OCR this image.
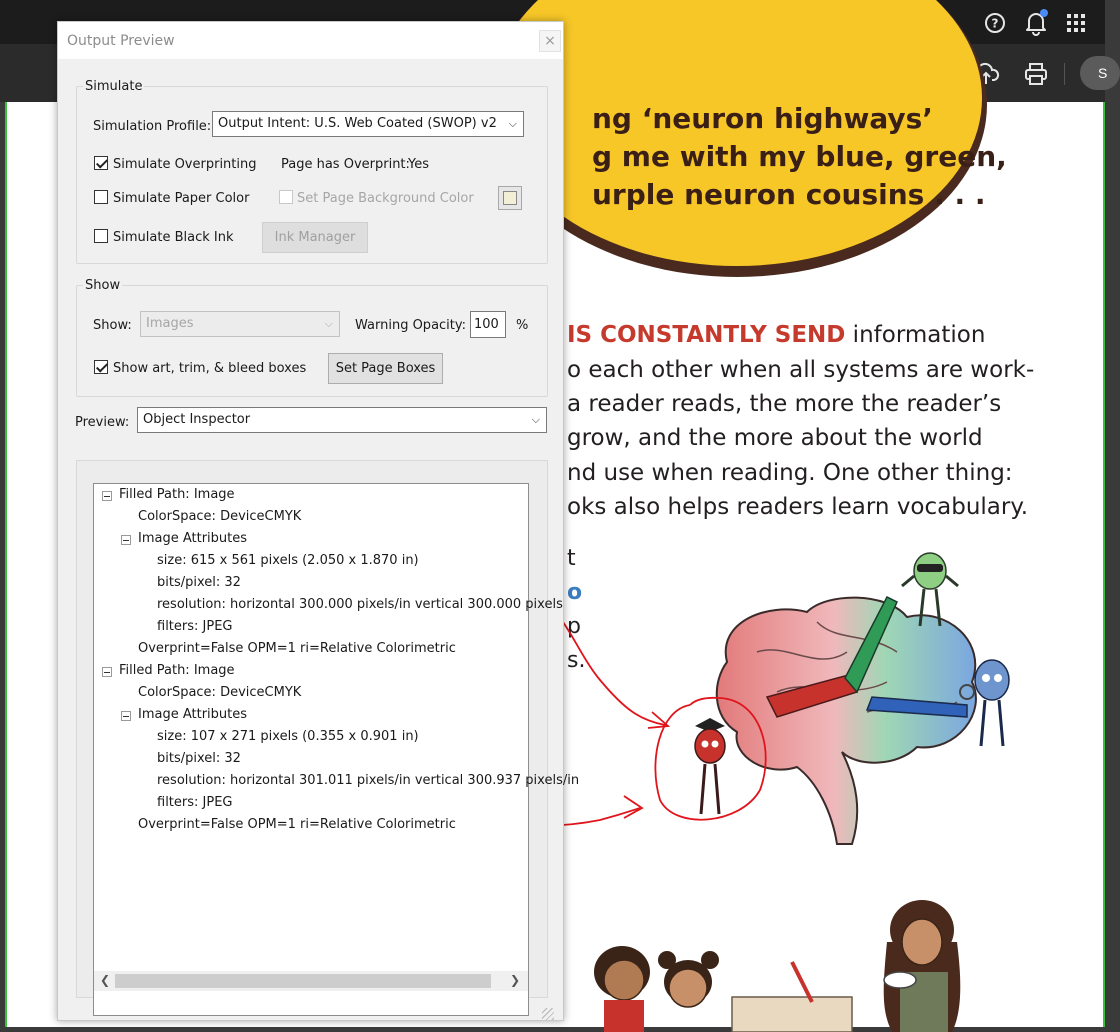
?
S
ng ‘neuron highways’
g me with my blue, green,
urple neuron cousins . . .
IS CONSTANTLY SEND information
o each other when all systems are work-
a reader reads, the more the reader’s
grow, and the more about the world
nd use when reading. One other thing:
oks also helps readers learn vocabulary.
t
o
p
s.
Output Preview	×
Simulate
Simulation Profile: Output Intent: U.S. Web Coated (SWOP) v2 ⌵
Simulate Overprinting Page has Overprint:
Yes
Simulate Paper Color	Set Page Background Color
Simulate Black Ink	Ink Manager
Show
Show:	Images	⌵ Warning Opacity: 100	%
Show art, trim, & bleed boxes	Set Page Boxes
Preview:	Object Inspector	⌵
Filled Path: Image
ColorSpace: DeviceCMYK
Image Attributes
size: 615 x 561 pixels (2.050 x 1.870 in)
bits/pixel: 32
resolution: horizontal 300.000 pixels/in vertical 300.000 pixels
filters: JPEG
Overprint=False OPM=1 ri=Relative Colorimetric
Filled Path: Image
ColorSpace: DeviceCMYK
Image Attributes
size: 107 x 271 pixels (0.355 x 0.901 in)
bits/pixel: 32
resolution: horizontal 301.011 pixels/in vertical 300.937 pixels/in
filters: JPEG
Overprint=False OPM=1 ri=Relative Colorimetric
❮	❯
